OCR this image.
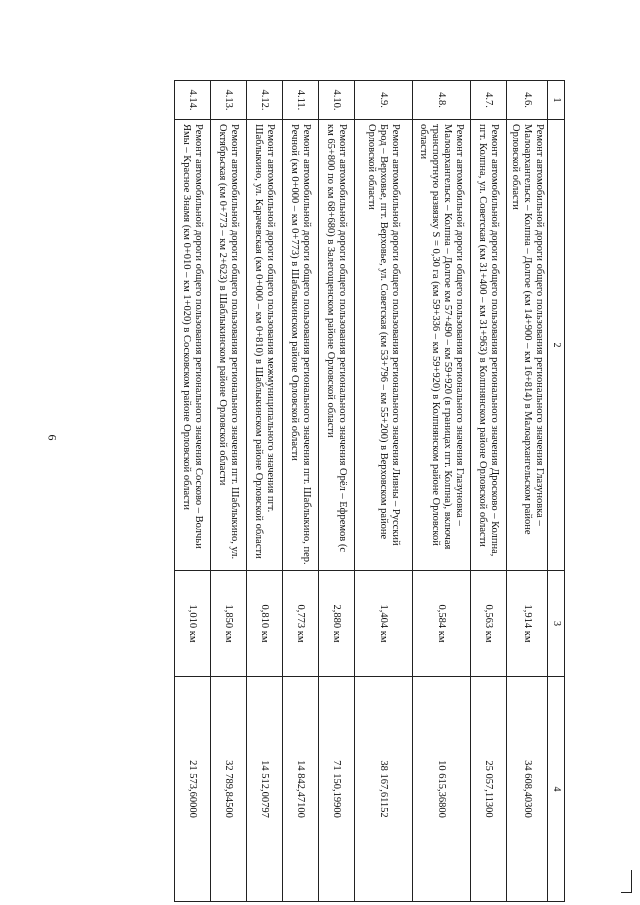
6
1	2	3	4
4.6.	Ремонт автомобильной дороги общего пользования регионального значения Глазуновка – Малоархангельск – Колпна – Долгое (км 14+900 – км 16+814) в Малоархангельском районе Орловской области	1,914 км	34 608,40300
4.7.	Ремонт автомобильной дороги общего пользования регионального значения Дросково – Колпна, пгт. Колпна, ул. Советская (км 31+400 – км 31+963) в Колпнянском районе Орловской области	0,563 км	25 057,11300
4.8.	Ремонт автомобильной дороги общего пользования регионального значения Глазуновка – Малоархангельск – Колпна – Долгое км 57+490 – км 59+920 (в границах пгт. Колпна), включая транспортную развязку S = 0,30 га (км 59+336 – км 59+920) в Колпнянском районе Орловской области	0,584 км	10 615,36800
4.9.	Ремонт автомобильной дороги общего пользования регионального значения Ливны – Русский Брод – Верховье, пгт. Верховье, ул. Советская (км 53+796 – км 55+200) в Верховском районе Орловской области	1,404 км	38 167,61152
4.10.	Ремонт автомобильной дороги общего пользования регионального значения Орёл – Ефремов (с км 65+800 по км 68+680) в Залегощенском районе Орловской области	2,880 км	71 150,19900
4.11.	Ремонт автомобильной дороги общего пользования регионального значения пгт. Шаблыкино, пер. Речной (км 0+000 – км 0+773) в Шаблыкинском районе Орловской области	0,773 км	14 842,47100
4.12.	Ремонт автомобильной дороги общего пользования межмуниципального значения пгт. Шаблыкино, ул. Карачевская (км 0+000 – км 0+810) в Шаблыкинском районе Орловской области	0,810 км	14 512,00797
4.13.	Ремонт автомобильной дороги общего пользования регионального значения пгт. Шаблыкино, ул. Октябрьская (км 0+773 – км 2+623) в Шаблыкинском районе Орловской области	1,850 км	32 789,84500
4.14.	Ремонт автомобильной дороги общего пользования регионального значения Сосково – Волчьи Ямы – Красное Знамя (км 0+010 – км 1+020) в Сосковском районе Орловской области	1,010 км	21 573,60000
